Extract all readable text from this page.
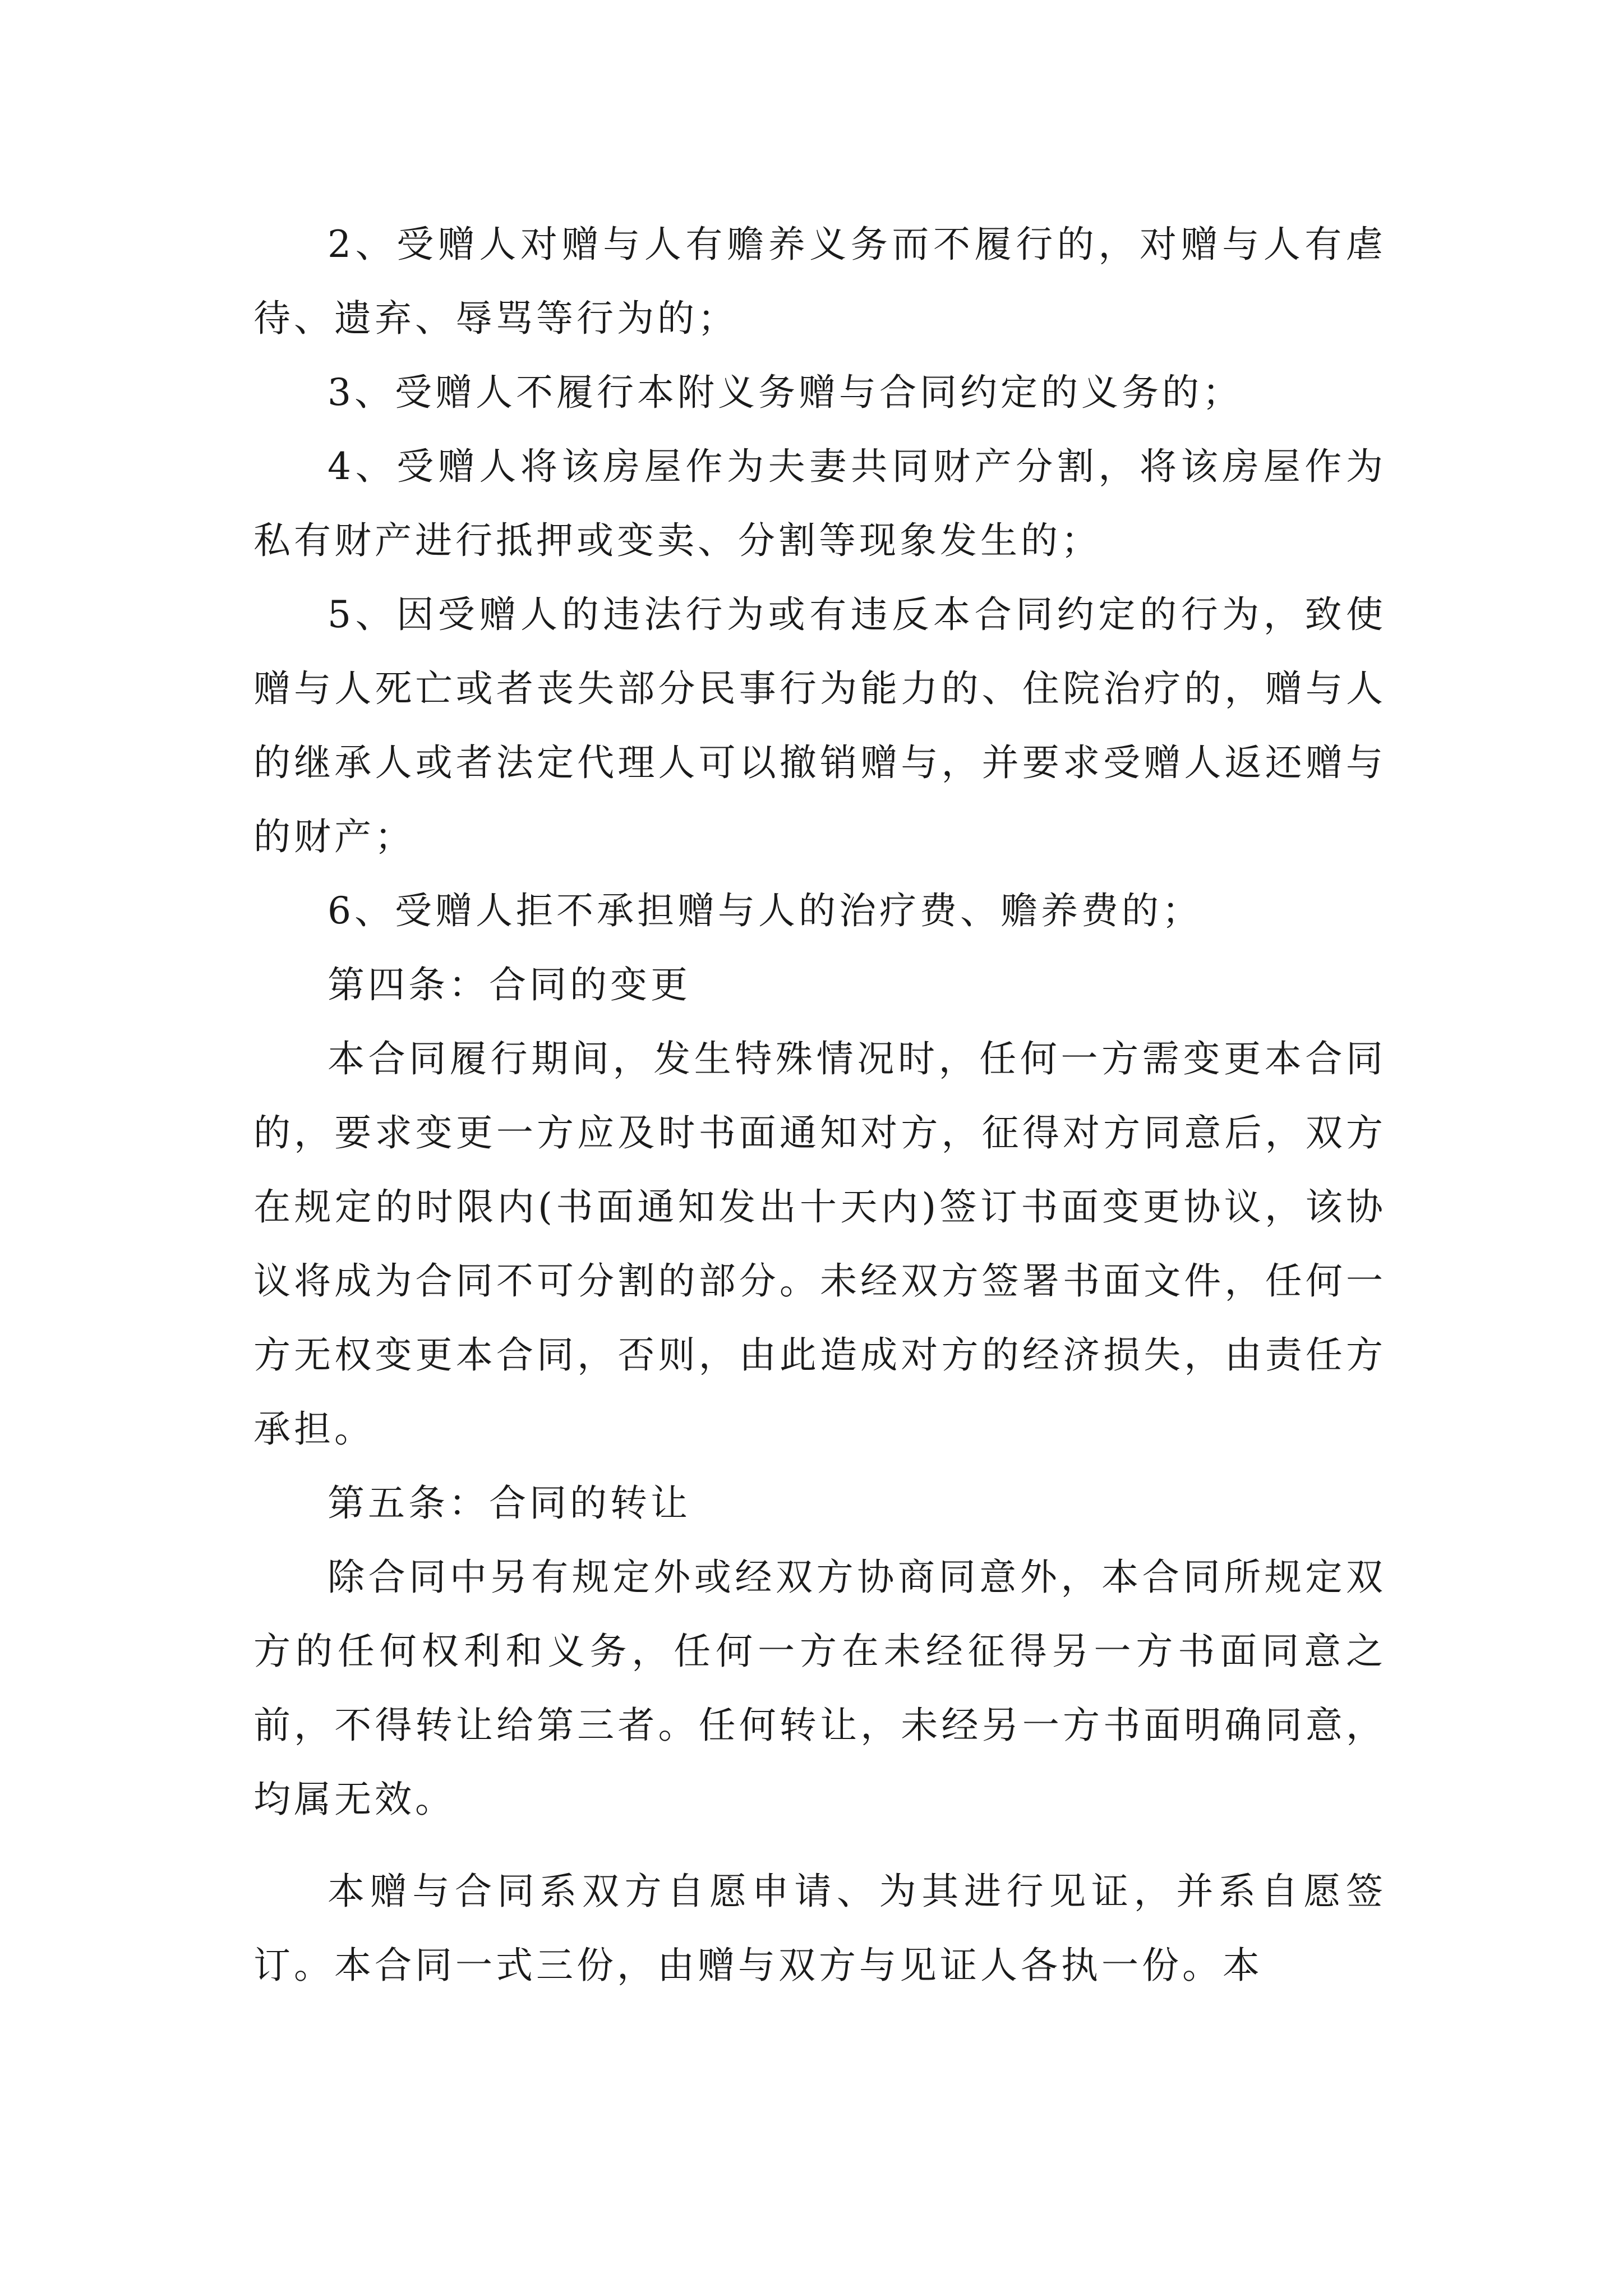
2、受赠人对赠与人有赡养义务而不履行的，对赠与人有虐待、遗弃、辱骂等行为的；

3、受赠人不履行本附义务赠与合同约定的义务的；

4、受赠人将该房屋作为夫妻共同财产分割，将该房屋作为私有财产进行抵押或变卖、分割等现象发生的；

5、因受赠人的违法行为或有违反本合同约定的行为，致使赠与人死亡或者丧失部分民事行为能力的、住院治疗的，赠与人的继承人或者法定代理人可以撤销赠与，并要求受赠人返还赠与的财产；

6、受赠人拒不承担赠与人的治疗费、赡养费的；

第四条：合同的变更

本合同履行期间，发生特殊情况时，任何一方需变更本合同的，要求变更一方应及时书面通知对方，征得对方同意后，双方在规定的时限内(书面通知发出十天内)签订书面变更协议，该协议将成为合同不可分割的部分。未经双方签署书面文件，任何一方无权变更本合同，否则，由此造成对方的经济损失，由责任方承担。

第五条：合同的转让

除合同中另有规定外或经双方协商同意外，本合同所规定双方的任何权利和义务，任何一方在未经征得另一方书面同意之前，不得转让给第三者。任何转让，未经另一方书面明确同意，均属无效。

本赠与合同系双方自愿申请、为其进行见证，并系自愿签订。本合同一式三份，由赠与双方与见证人各执一份。本
